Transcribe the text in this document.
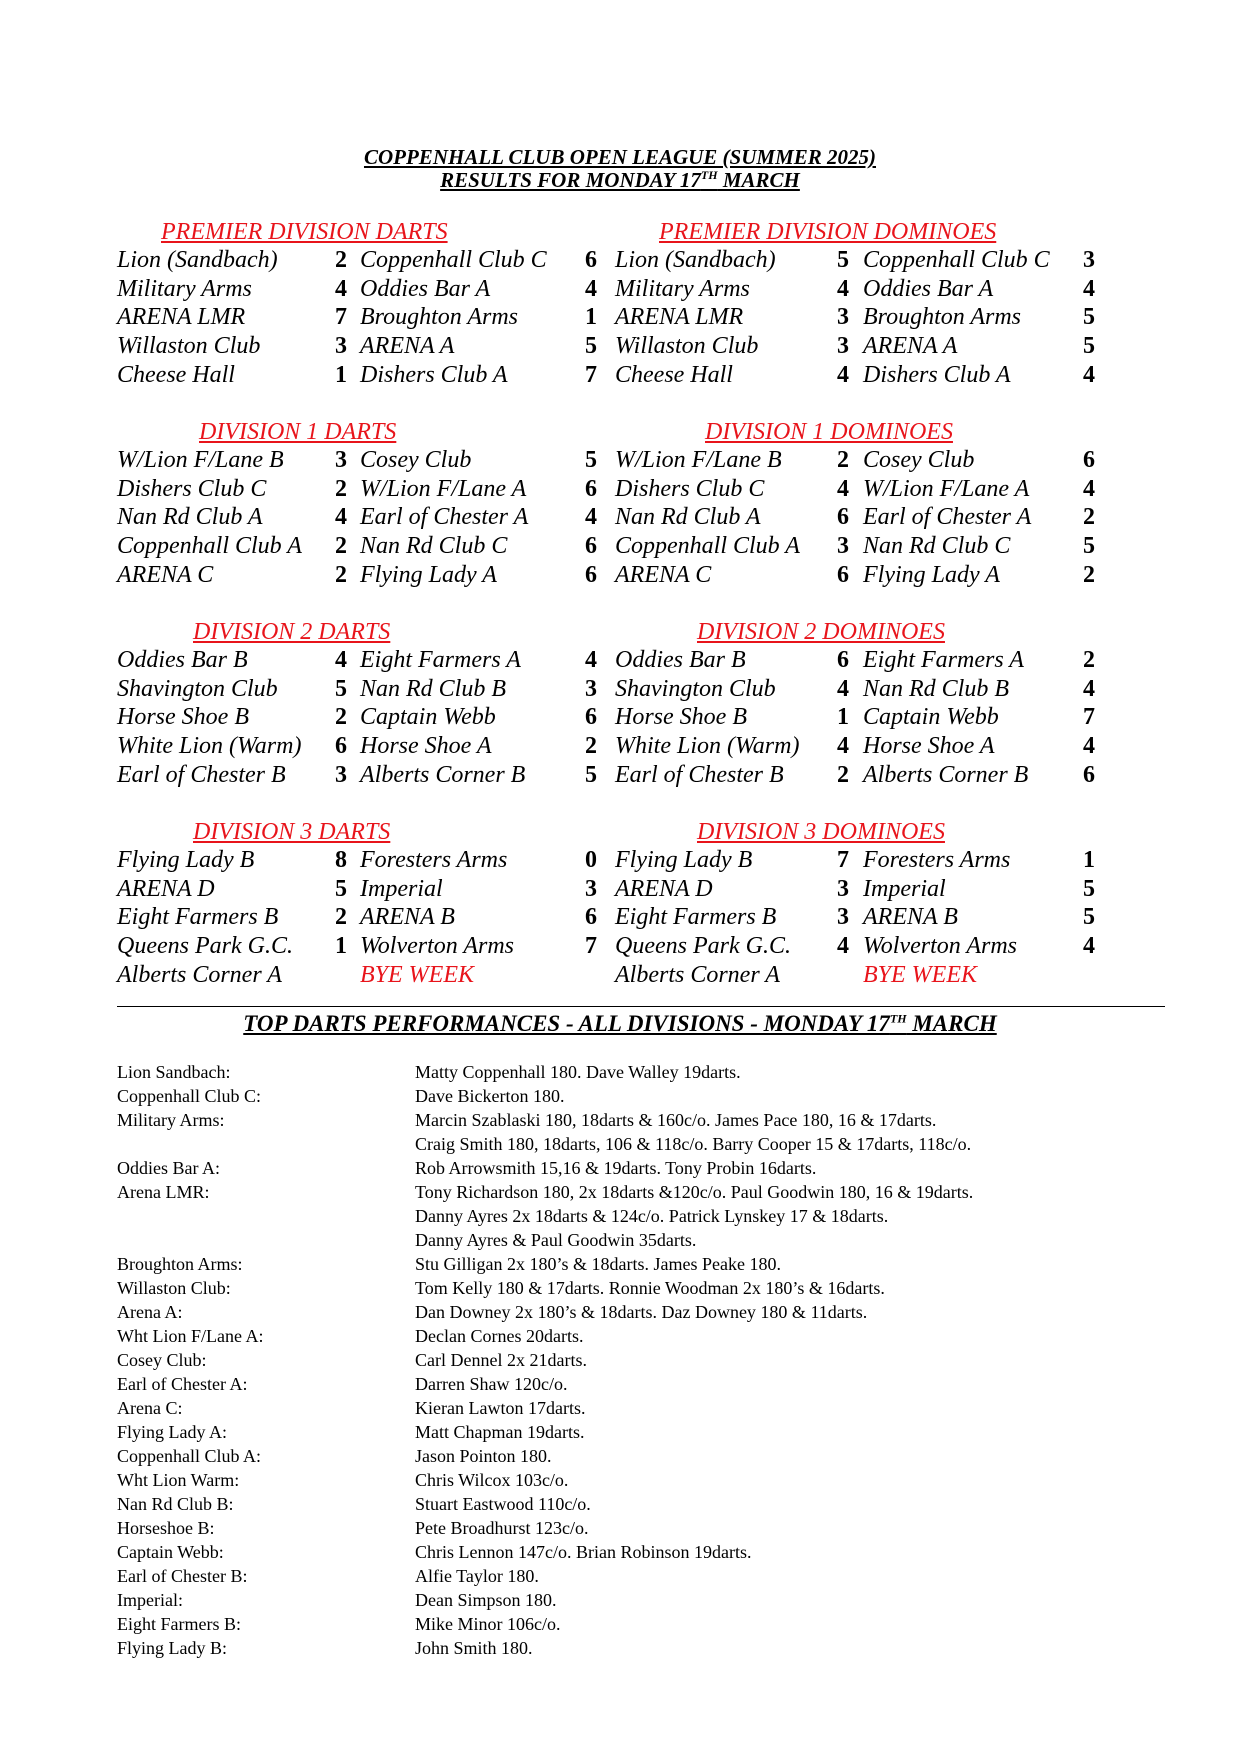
COPPENHALL CLUB OPEN LEAGUE (SUMMER 2025)
RESULTS FOR MONDAY 17TH MARCH
PREMIER DIVISION DARTS
Lion (Sandbach) 2 Coppenhall Club C 6
Military Arms	4 Oddies Bar A	4
ARENA LMR	7 Broughton Arms	1
Willaston Club	3 ARENA A	5
Cheese Hall	1 Dishers Club A	7
PREMIER DIVISION DOMINOES
Lion (Sandbach)	5 Coppenhall Club C 3
Military Arms	4 Oddies Bar A	4
ARENA LMR	3 Broughton Arms	5
Willaston Club	3 ARENA A	5
Cheese Hall	4 Dishers Club A	4
DIVISION 1 DARTS
W/Lion F/Lane B 3 Cosey Club	5
Dishers Club C	2 W/Lion F/Lane A 6
Nan Rd Club A	4 Earl of Chester A 4
Coppenhall Club A 2 Nan Rd Club C	6
ARENA C	2 Flying Lady A	6
DIVISION 1 DOMINOES
W/Lion F/Lane B 2 Cosey Club	6
Dishers Club C	4 W/Lion F/Lane A 4
Nan Rd Club A	6 Earl of Chester A 2
Coppenhall Club A 3 Nan Rd Club C	5
ARENA C	6 Flying Lady A	2
DIVISION 2 DARTS
Oddies Bar B	4 Eight Farmers A	4
Shavington Club 5 Nan Rd Club B	3
Horse Shoe B	2 Captain Webb	6
White Lion (Warm) 6 Horse Shoe A	2
Earl of Chester B 3 Alberts Corner B 5
DIVISION 2 DOMINOES
Oddies Bar B	6 Eight Farmers A 2
Shavington Club	4 Nan Rd Club B	4
Horse Shoe B	1 Captain Webb	7
White Lion (Warm) 4 Horse Shoe A	4
Earl of Chester B 2 Alberts Corner B 6
DIVISION 3 DARTS
Flying Lady B	8 Foresters Arms	0
ARENA D	5 Imperial	3
Eight Farmers B 2 ARENA B	6
Queens Park G.C. 1 Wolverton Arms	7
Alberts Corner A	BYE WEEK
DIVISION 3 DOMINOES
Flying Lady B	7 Foresters Arms	1
ARENA D	3 Imperial	5
Eight Farmers B	3 ARENA B	5
Queens Park G.C. 4 Wolverton Arms	4
Alberts Corner A	BYE WEEK
TOP DARTS PERFORMANCES - ALL DIVISIONS - MONDAY 17TH MARCH
Lion Sandbach:	Matty Coppenhall 180. Dave Walley 19darts.
Coppenhall Club C:	Dave Bickerton 180.
Military Arms:	Marcin Szablaski 180, 18darts & 160c/o. James Pace 180, 16 & 17darts.
Craig Smith 180, 18darts, 106 & 118c/o. Barry Cooper 15 & 17darts, 118c/o.
Oddies Bar A:	Rob Arrowsmith 15,16 & 19darts. Tony Probin 16darts.
Arena LMR:	Tony Richardson 180, 2x 18darts &120c/o. Paul Goodwin 180, 16 & 19darts.
Danny Ayres 2x 18darts & 124c/o. Patrick Lynskey 17 & 18darts.
Danny Ayres & Paul Goodwin 35darts.
Broughton Arms:	Stu Gilligan 2x 180’s & 18darts. James Peake 180.
Willaston Club:	Tom Kelly 180 & 17darts. Ronnie Woodman 2x 180’s & 16darts.
Arena A:	Dan Downey 2x 180’s & 18darts. Daz Downey 180 & 11darts.
Wht Lion F/Lane A:	Declan Cornes 20darts.
Cosey Club:	Carl Dennel 2x 21darts.
Earl of Chester A:	Darren Shaw 120c/o.
Arena C:	Kieran Lawton 17darts.
Flying Lady A:	Matt Chapman 19darts.
Coppenhall Club A:	Jason Pointon 180.
Wht Lion Warm:	Chris Wilcox 103c/o.
Nan Rd Club B:	Stuart Eastwood 110c/o.
Horseshoe B:	Pete Broadhurst 123c/o.
Captain Webb:	Chris Lennon 147c/o. Brian Robinson 19darts.
Earl of Chester B:	Alfie Taylor 180.
Imperial:	Dean Simpson 180.
Eight Farmers B:	Mike Minor 106c/o.
Flying Lady B:	John Smith 180.
